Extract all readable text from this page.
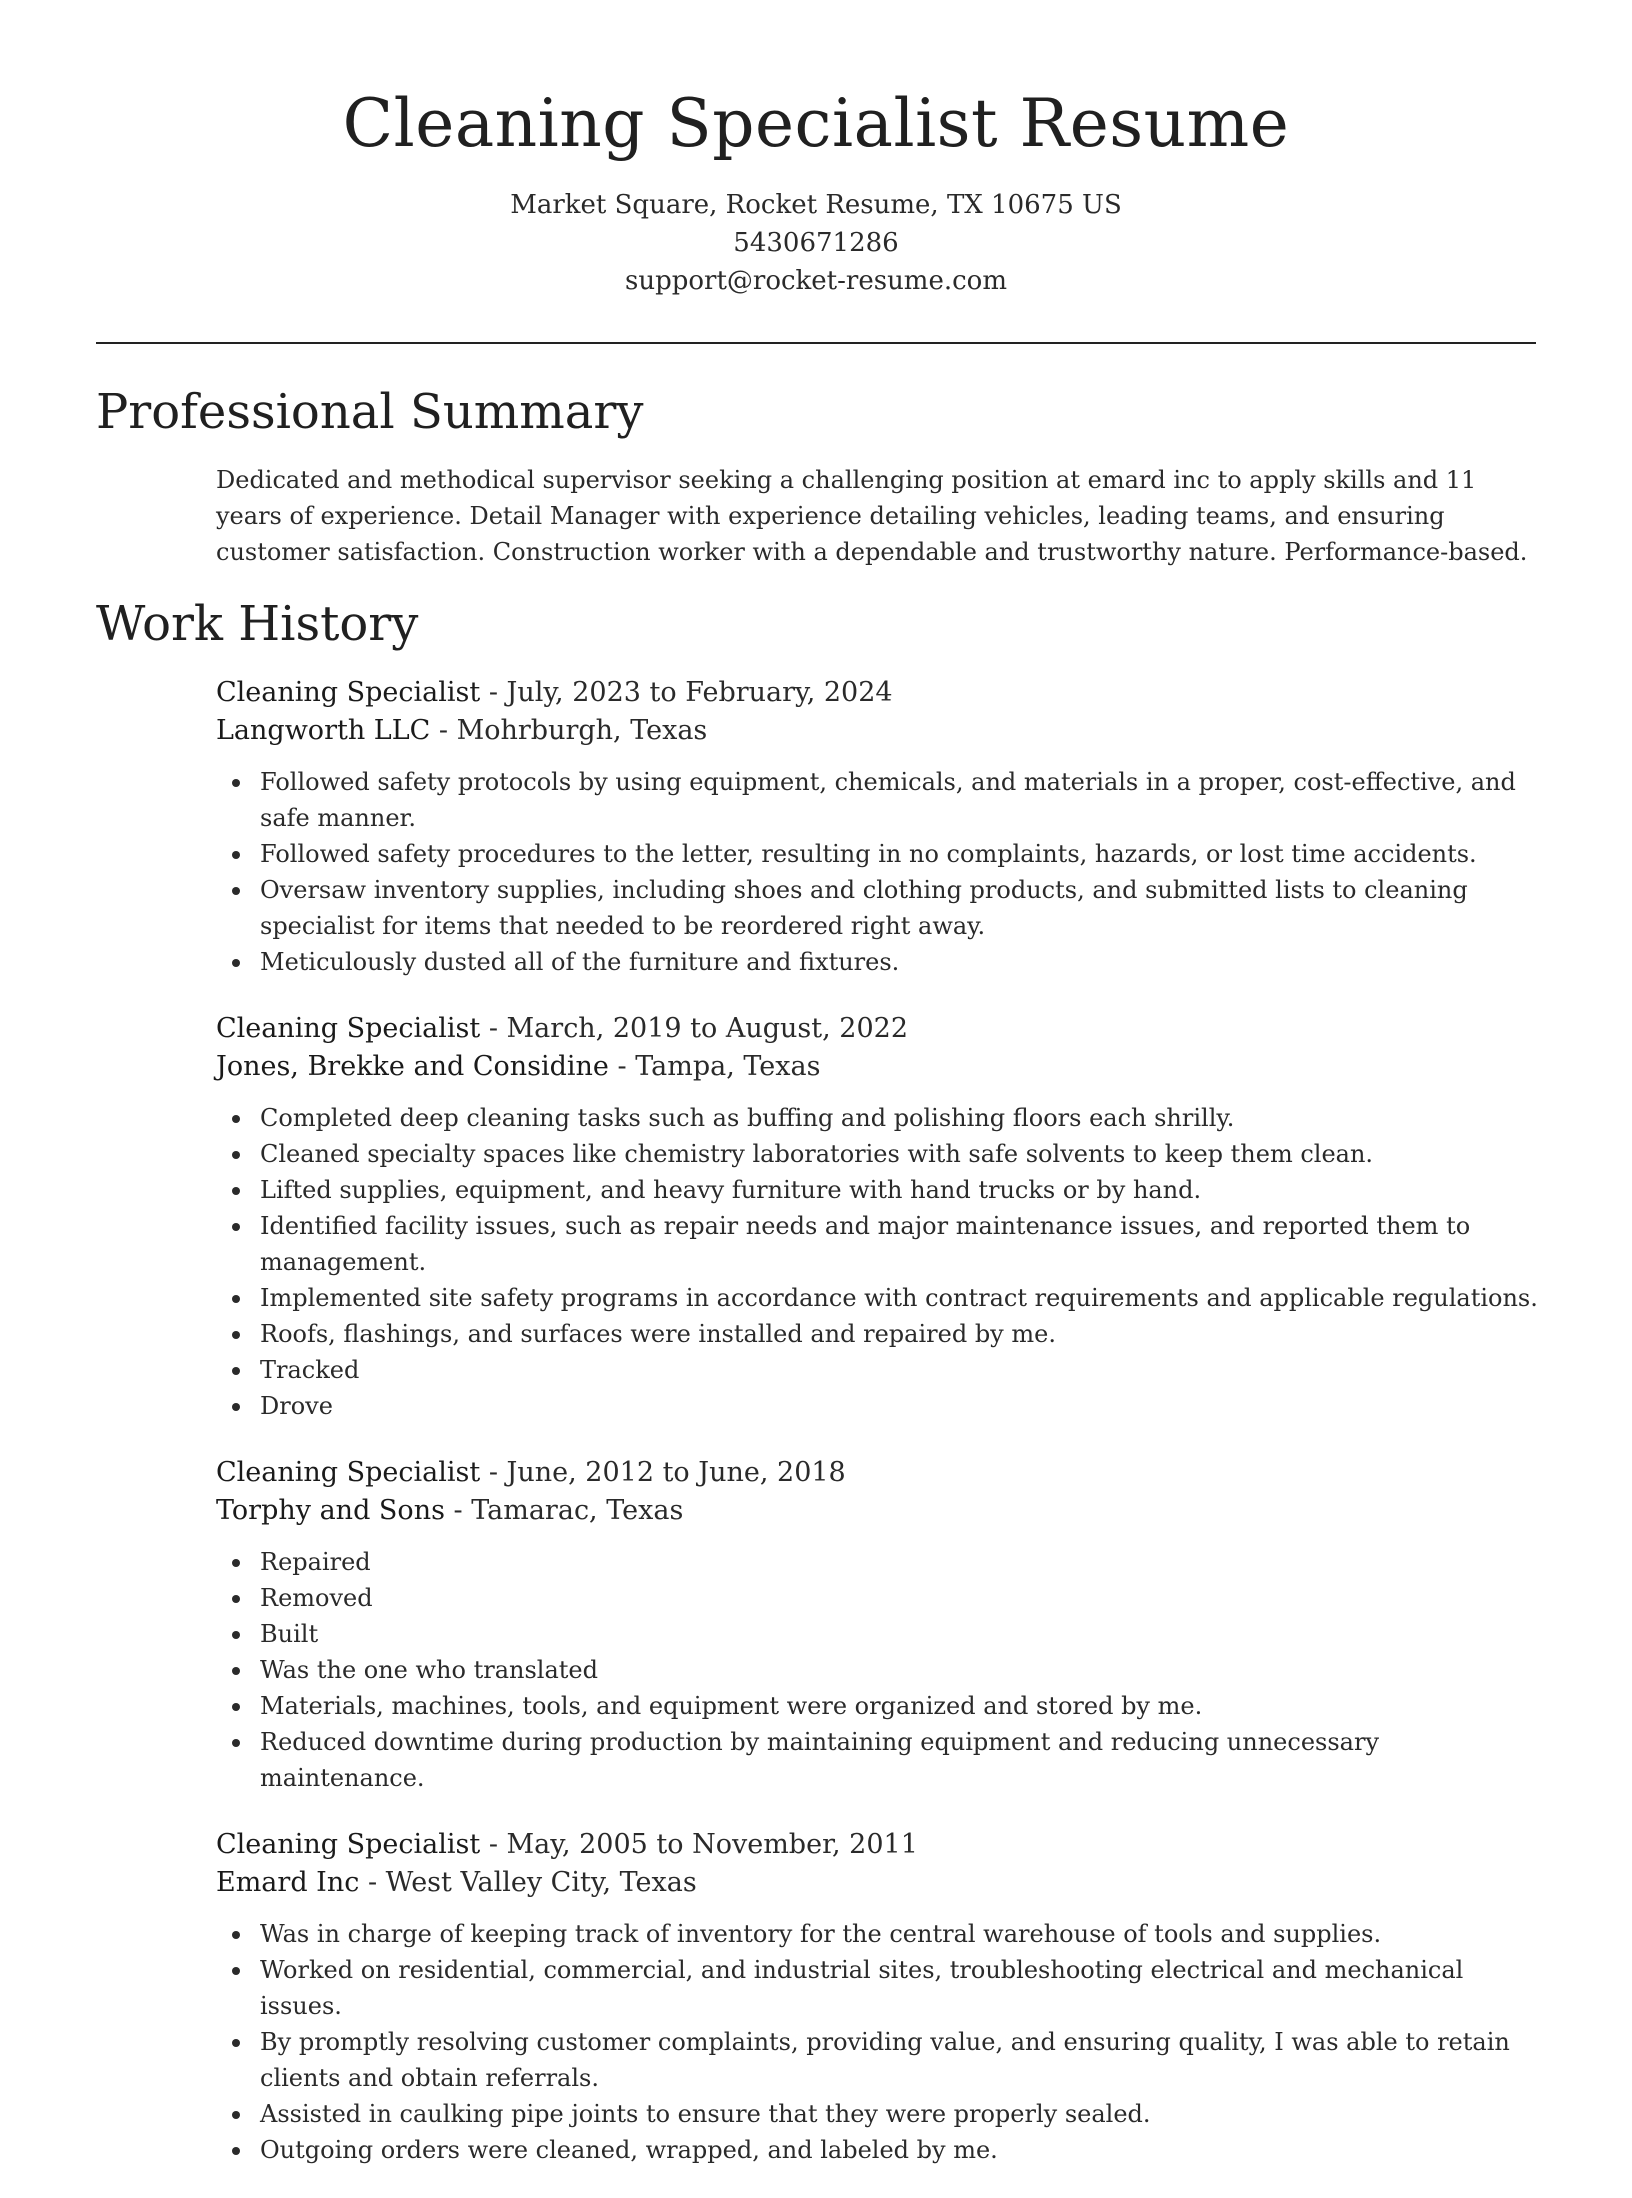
Cleaning Specialist Resume
Market Square, Rocket Resume, TX 10675 US
5430671286
support@rocket-resume.com
Professional Summary

Dedicated and methodical supervisor seeking a challenging position at emard inc to apply skills and 11 years of experience. Detail Manager with experience detailing vehicles, leading teams, and ensuring customer satisfaction. Construction worker with a dependable and trustworthy nature. Performance-based.

Work History
Cleaning Specialist - July, 2023 to February, 2024
Langworth LLC - Mohrburgh, Texas
Followed safety protocols by using equipment, chemicals, and materials in a proper, cost-effective, and safe manner.
Followed safety procedures to the letter, resulting in no complaints, hazards, or lost time accidents.
Oversaw inventory supplies, including shoes and clothing products, and submitted lists to cleaning specialist for items that needed to be reordered right away.
Meticulously dusted all of the furniture and fixtures.
Cleaning Specialist - March, 2019 to August, 2022
Jones, Brekke and Considine - Tampa, Texas
Completed deep cleaning tasks such as buffing and polishing floors each shrilly.
Cleaned specialty spaces like chemistry laboratories with safe solvents to keep them clean.
Lifted supplies, equipment, and heavy furniture with hand trucks or by hand.
Identified facility issues, such as repair needs and major maintenance issues, and reported them to management.
Implemented site safety programs in accordance with contract requirements and applicable regulations.
Roofs, flashings, and surfaces were installed and repaired by me.
Tracked
Drove
Cleaning Specialist - June, 2012 to June, 2018
Torphy and Sons - Tamarac, Texas
Repaired
Removed
Built
Was the one who translated
Materials, machines, tools, and equipment were organized and stored by me.
Reduced downtime during production by maintaining equipment and reducing unnecessary maintenance.
Cleaning Specialist - May, 2005 to November, 2011
Emard Inc - West Valley City, Texas
Was in charge of keeping track of inventory for the central warehouse of tools and supplies.
Worked on residential, commercial, and industrial sites, troubleshooting electrical and mechanical issues.
By promptly resolving customer complaints, providing value, and ensuring quality, I was able to retain clients and obtain referrals.
Assisted in caulking pipe joints to ensure that they were properly sealed.
Outgoing orders were cleaned, wrapped, and labeled by me.
